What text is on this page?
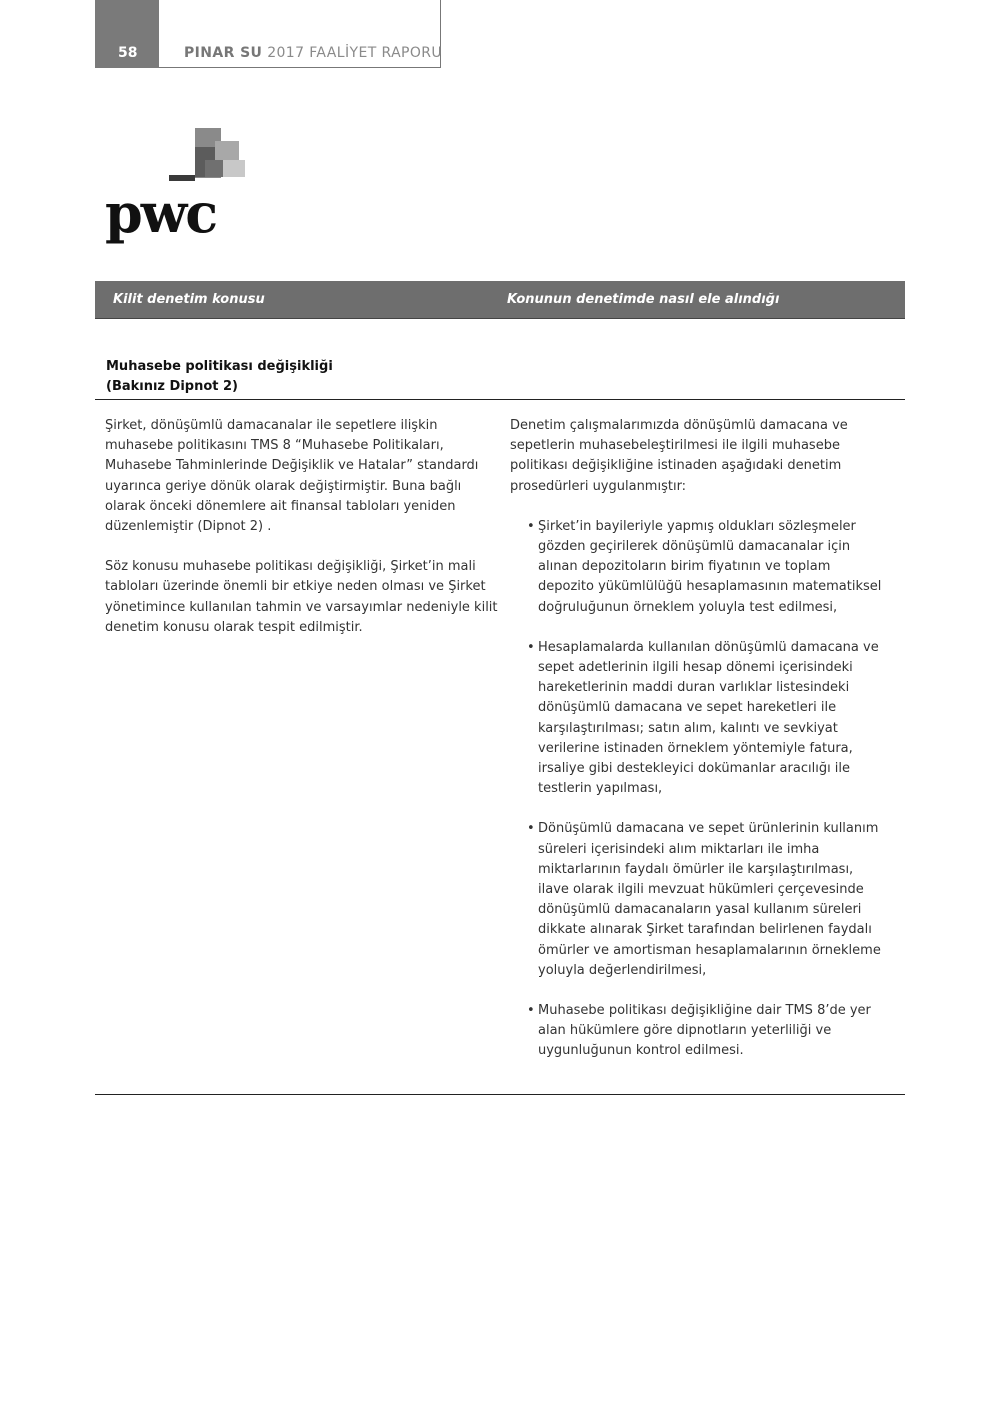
58	PINAR SU 2017 FAALİYET RAPORU
pwc
Kilit denetim konusu	Konunun denetimde nasıl ele alındığı
Muhasebe politikası değişikliği
(Bakınız Dipnot 2)

Şirket, dönüşümlü damacanalar ile sepetlere ilişkin muhasebe politikasını TMS 8 “Muhasebe Politikaları, Muhasebe Tahminlerinde Değişiklik ve Hatalar” standardı uyarınca geriye dönük olarak değiştirmiştir. Buna bağlı olarak önceki dönemlere ait finansal tabloları yeniden düzenlemiştir (Dipnot 2) .

Söz konusu muhasebe politikası değişikliği, Şirket’in mali tabloları üzerinde önemli bir etkiye neden olması ve Şirket yönetimince kullanılan tahmin ve varsayımlar nedeniyle kilit denetim konusu olarak tespit edilmiştir.

Denetim çalışmalarımızda dönüşümlü damacana ve sepetlerin muhasebeleştirilmesi ile ilgili muhasebe politikası değişikliğine istinaden aşağıdaki denetim prosedürleri uygulanmıştır:

• Şirket’in bayileriyle yapmış oldukları sözleşmeler gözden geçirilerek dönüşümlü damacanalar için alınan depozitoların birim fiyatının ve toplam depozito yükümlülüğü hesaplamasının matematiksel doğruluğunun örneklem yoluyla test edilmesi,
• Hesaplamalarda kullanılan dönüşümlü damacana ve sepet adetlerinin ilgili hesap dönemi içerisindeki hareketlerinin maddi duran varlıklar listesindeki dönüşümlü damacana ve sepet hareketleri ile karşılaştırılması; satın alım, kalıntı ve sevkiyat verilerine istinaden örneklem yöntemiyle fatura, irsaliye gibi destekleyici dokümanlar aracılığı ile testlerin yapılması,
• Dönüşümlü damacana ve sepet ürünlerinin kullanım süreleri içerisindeki alım miktarları ile imha miktarlarının faydalı ömürler ile karşılaştırılması, ilave olarak ilgili mevzuat hükümleri çerçevesinde dönüşümlü damacanaların yasal kullanım süreleri dikkate alınarak Şirket tarafından belirlenen faydalı ömürler ve amortisman hesaplamalarının örnekleme yoluyla değerlendirilmesi,
• Muhasebe politikası değişikliğine dair TMS 8’de yer alan hükümlere göre dipnotların yeterliliği ve uygunluğunun kontrol edilmesi.
